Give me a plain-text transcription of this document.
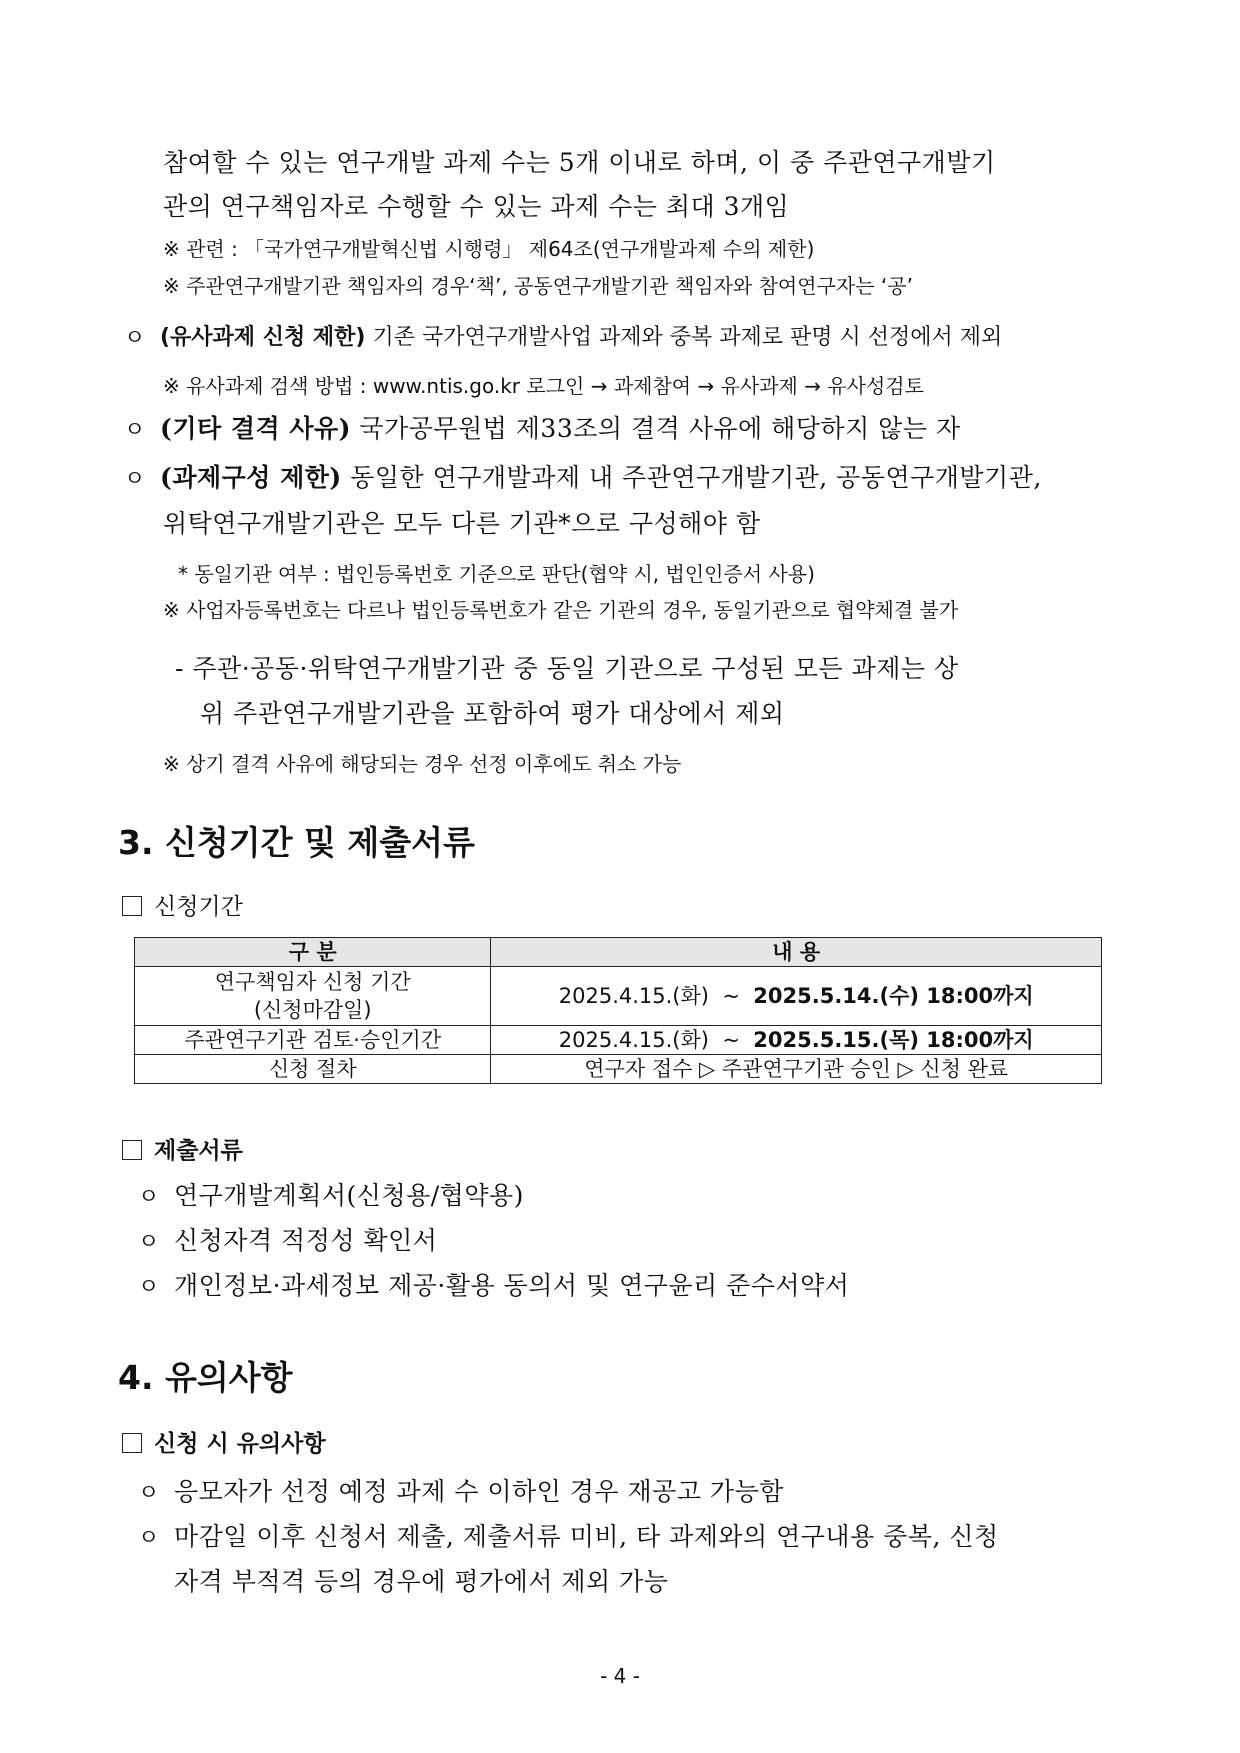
참여할 수 있는 연구개발 과제 수는 5개 이내로 하며, 이 중 주관연구개발기
관의 연구책임자로 수행할 수 있는 과제 수는 최대 3개임
※ 관련 : 「국가연구개발혁신법 시행령」 제64조(연구개발과제 수의 제한)
※ 주관연구개발기관 책임자의 경우‘책’, 공동연구개발기관 책임자와 참여연구자는 ‘공’
ㅇ (유사과제 신청 제한) 기존 국가연구개발사업 과제와 중복 과제로 판명 시 선정에서 제외
※ 유사과제 검색 방법 : www.ntis.go.kr 로그인 → 과제참여 → 유사과제 → 유사성검토
ㅇ (기타 결격 사유) 국가공무원법 제33조의 결격 사유에 해당하지 않는 자
ㅇ (과제구성 제한) 동일한 연구개발과제 내 주관연구개발기관, 공동연구개발기관,
위탁연구개발기관은 모두 다른 기관*으로 구성해야 함
* 동일기관 여부 : 법인등록번호 기준으로 판단(협약 시, 법인인증서 사용)
※ 사업자등록번호는 다르나 법인등록번호가 같은 기관의 경우, 동일기관으로 협약체결 불가
- 주관·공동·위탁연구개발기관 중 동일 기관으로 구성된 모든 과제는 상
위 주관연구개발기관을 포함하여 평가 대상에서 제외
※ 상기 결격 사유에 해당되는 경우 선정 이후에도 취소 가능
3. 신청기간 및 제출서류
신청기간
구 분	내 용

연구책임자 신청 기간
(신청마감일)	2025.4.15.(화)  ~  2025.5.14.(수) 18:00까지
주관연구기관 검토·승인기간	2025.4.15.(화)  ~  2025.5.15.(목) 18:00까지
신청 절차	연구자 접수 ▷ 주관연구기관 승인 ▷ 신청 완료
제출서류
ㅇ 연구개발계획서(신청용/협약용)
ㅇ 신청자격 적정성 확인서
ㅇ 개인정보·과세정보 제공·활용 동의서 및 연구윤리 준수서약서
4. 유의사항
신청 시 유의사항
ㅇ 응모자가 선정 예정 과제 수 이하인 경우 재공고 가능함
ㅇ 마감일 이후 신청서 제출, 제출서류 미비, 타 과제와의 연구내용 중복, 신청
자격 부적격 등의 경우에 평가에서 제외 가능
- 4 -
